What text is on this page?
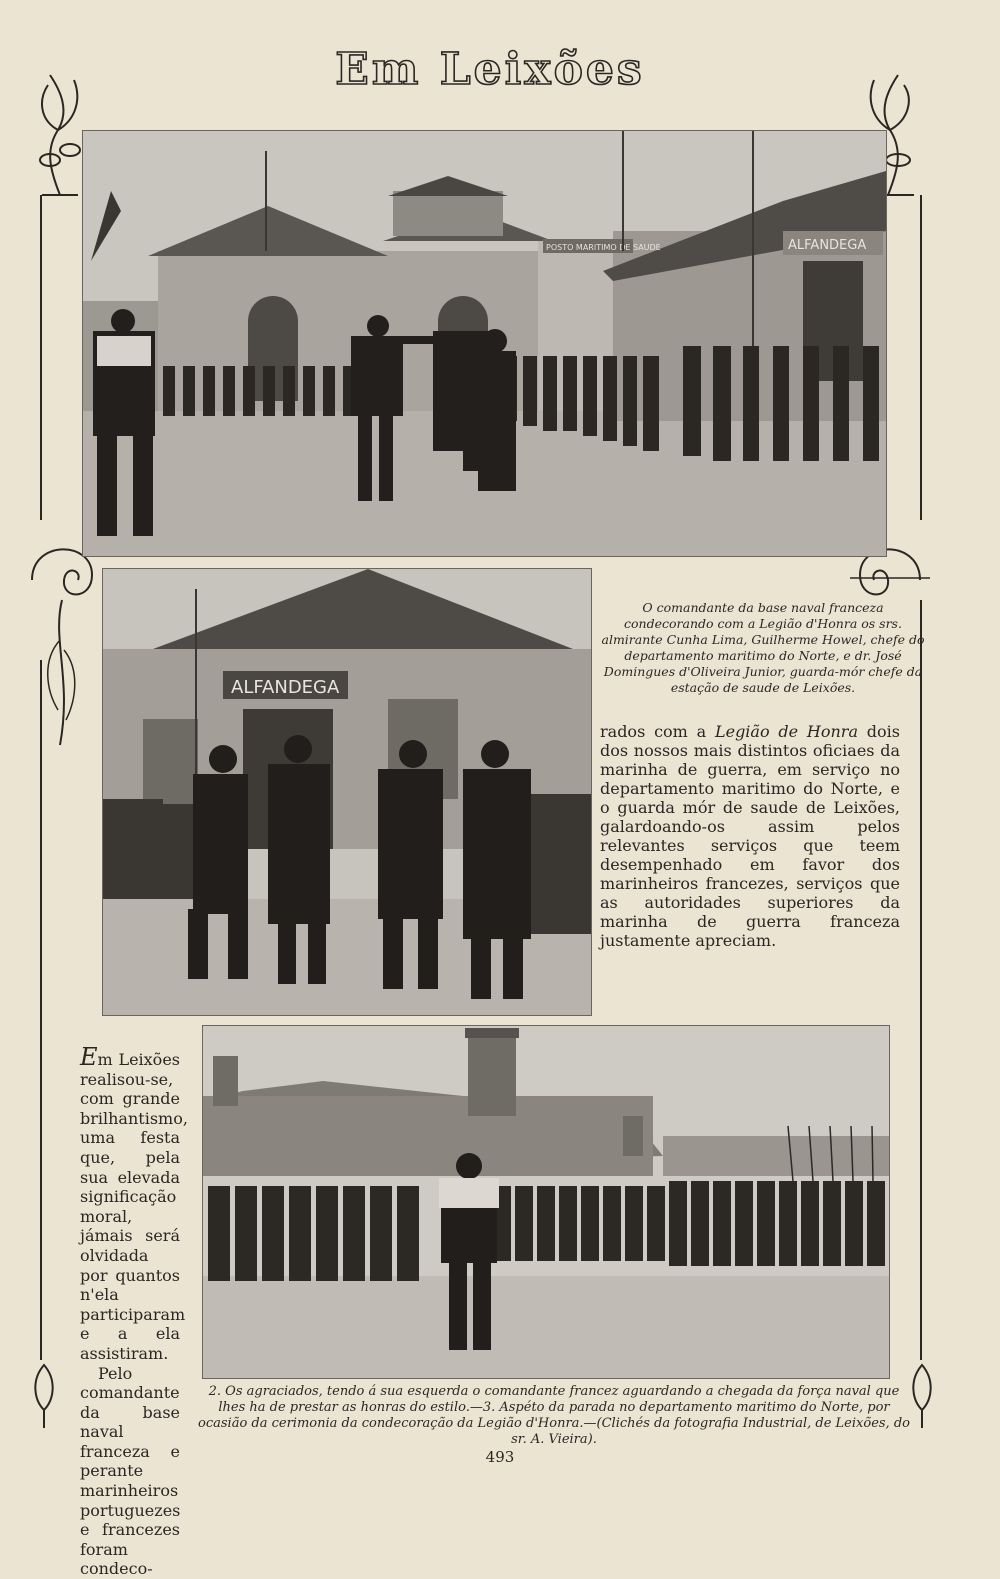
Em Leixões
POSTO MARITIMO DE SAUDE	ALFANDEGA
ALFANDEGA
O comandante da base naval franceza condecorando com a Legião d'Honra os srs. almirante Cunha Lima, Guilherme Howel, chefe do departamento maritimo do Norte, e dr. José Domingues d'Oliveira Junior, guarda-mór chefe da estação de saude de Leixões.
rados com a Legião de Honra dois dos nossos mais distintos oficiaes da marinha de guerra, em serviço no departamento maritimo do Norte, e o guarda mór de saude de Leixões, galardoando-os assim pelos relevantes serviços que teem desempenhado em favor dos marinheiros francezes, serviços que as autoridades superiores da marinha de guerra franceza justamente apreciam.

Em Leixões realisou-se, com grande brilhantismo, uma festa que, pela sua elevada significação moral, jámais será olvidada por quantos n'ela participaram e a ela assistiram.

Pelo comandante da base naval franceza e perante marinheiros portuguezes e francezes foram condeco-

2. Os agraciados, tendo á sua esquerda o comandante francez aguardando a chegada da força naval que lhes ha de prestar as honras do estilo.—3. Aspéto da parada no departamento maritimo do Norte, por ocasião da cerimonia da condecoração da Legião d'Honra.—(Clichés da fotografia Industrial, de Leixões, do sr. A. Vieira).
493
